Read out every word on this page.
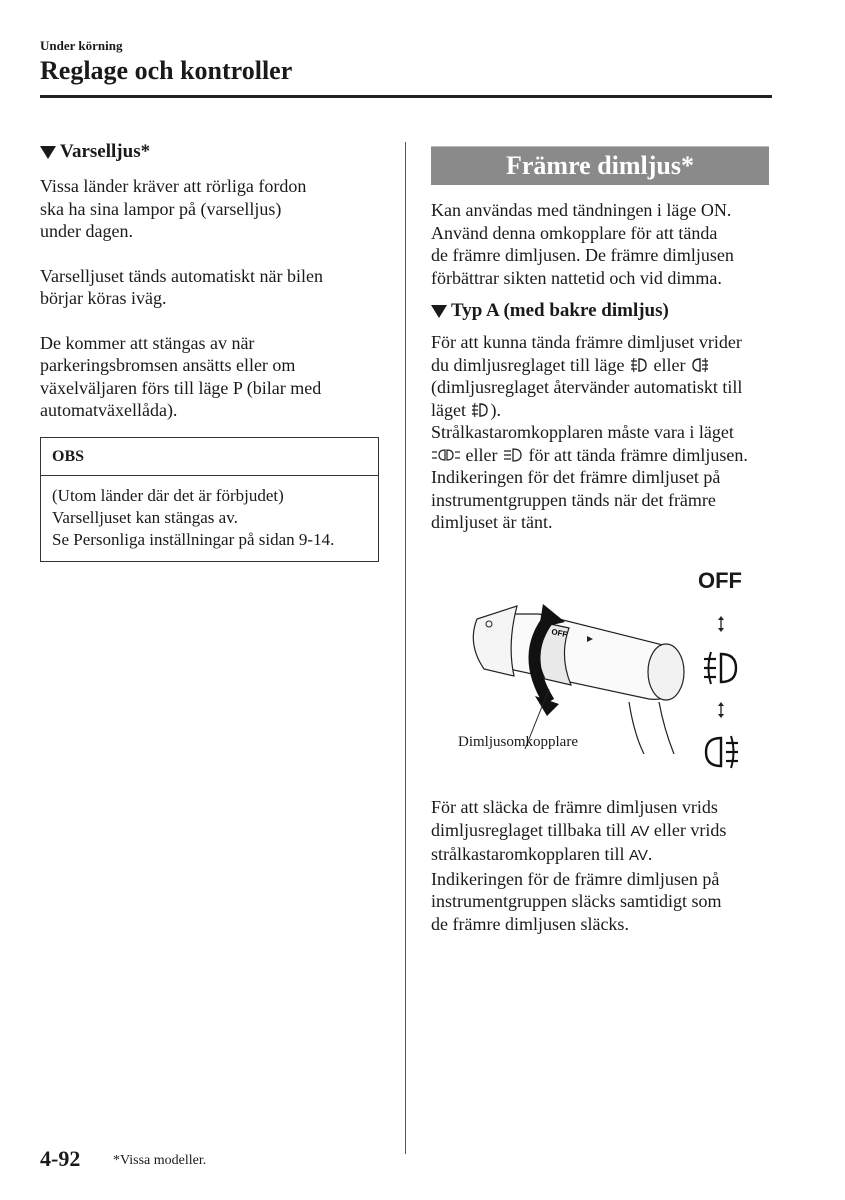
Under körning
Reglage och kontroller
Varselljus*

Vissa länder kräver att rörliga fordon
ska ha sina lampor på (varselljus)
under dagen.

Varselljuset tänds automatiskt när bilen
börjar köras iväg.

De kommer att stängas av när
parkeringsbromsen ansätts eller om
växelväljaren förs till läge P (bilar med
automatväxellåda).

OBS
(Utom länder där det är förbjudet)
Varselljuset kan stängas av.
Se Personliga inställningar på sidan 9-14.
Främre dimljus*

Kan användas med tändningen i läge ON.
Använd denna omkopplare för att tända
de främre dimljusen. De främre dimljusen
förbättrar sikten nattetid och vid dimma.

Typ A (med bakre dimljus)

För att kunna tända främre dimljuset vrider
du dimljusreglaget till läge eller
(dimljusreglaget återvänder automatiskt till
läget ).
Strålkastaromkopplaren måste vara i läget
eller för att tända främre dimljusen.
Indikeringen för det främre dimljuset på
instrumentgruppen tänds när det främre
dimljuset är tänt.

OFF
OFF
Dimljusomkopplare

För att släcka de främre dimljusen vrids
dimljusreglaget tillbaka till AV eller vrids
strålkastaromkopplaren till AV.
Indikeringen för de främre dimljusen på
instrumentgruppen släcks samtidigt som
de främre dimljusen släcks.

4-92 *Vissa modeller.
